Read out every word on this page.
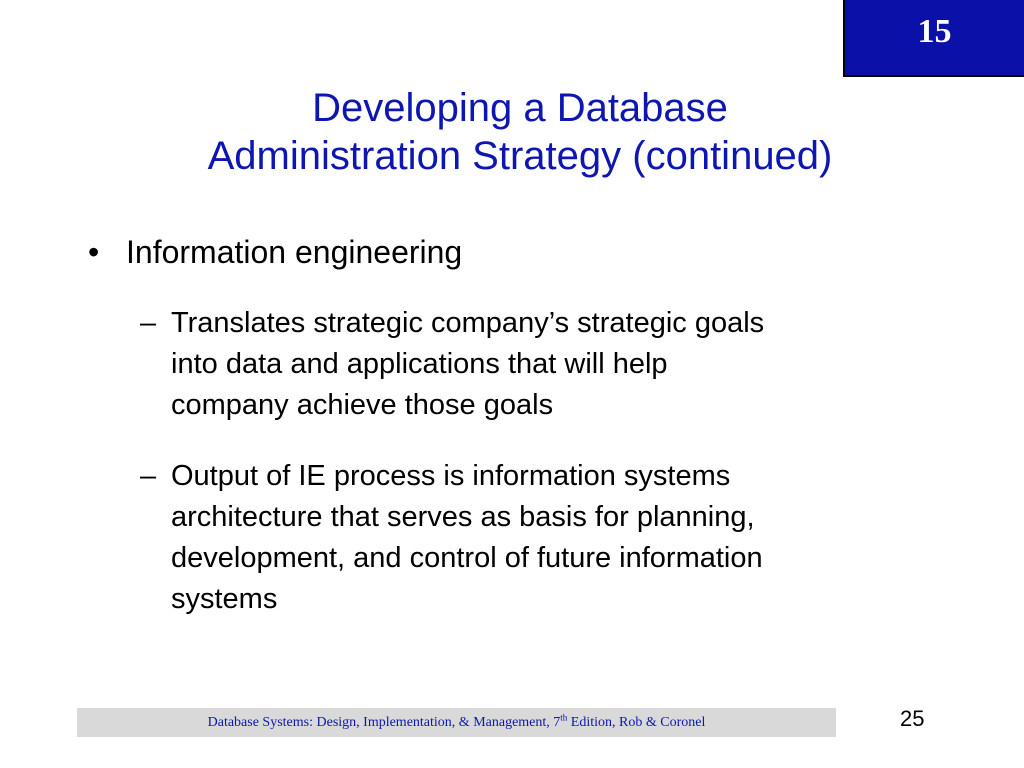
15
Developing a Database
Administration Strategy (continued)
• Information engineering
– Translates strategic company’s strategic goals
into data and applications that will help
company achieve those goals
– Output of IE process is information systems
architecture that serves as basis for planning,
development, and control of future information
systems
Database Systems: Design, Implementation, & Management, 7th Edition, Rob & Coronel	25
